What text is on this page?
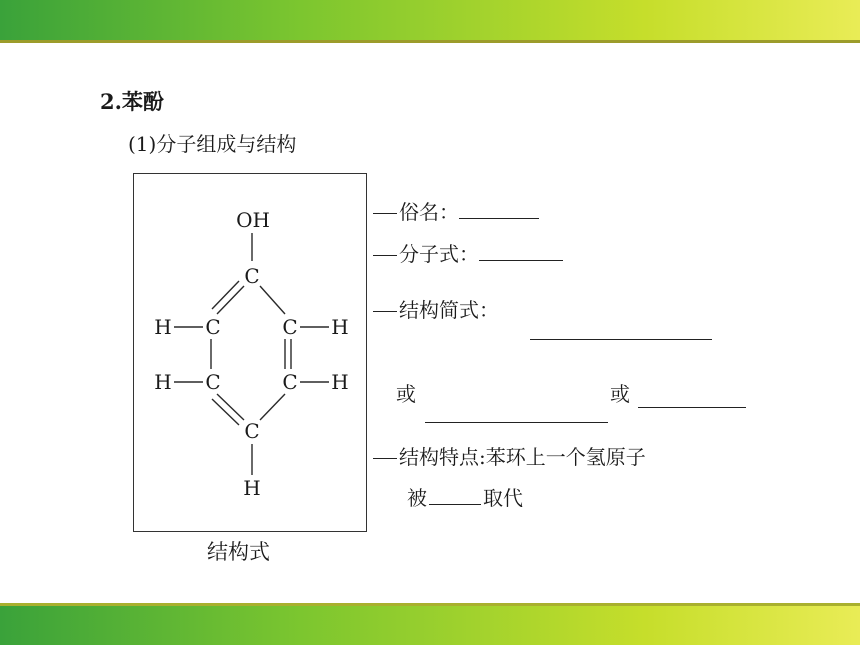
2.苯酚
(1)分子组成与结构
OH
C
C	C
C	C
C
H	H
H	H
H
结构式
俗名：
分子式：
结构简式：
或	或
结构特点:苯环上一个氢原子
被	取代
